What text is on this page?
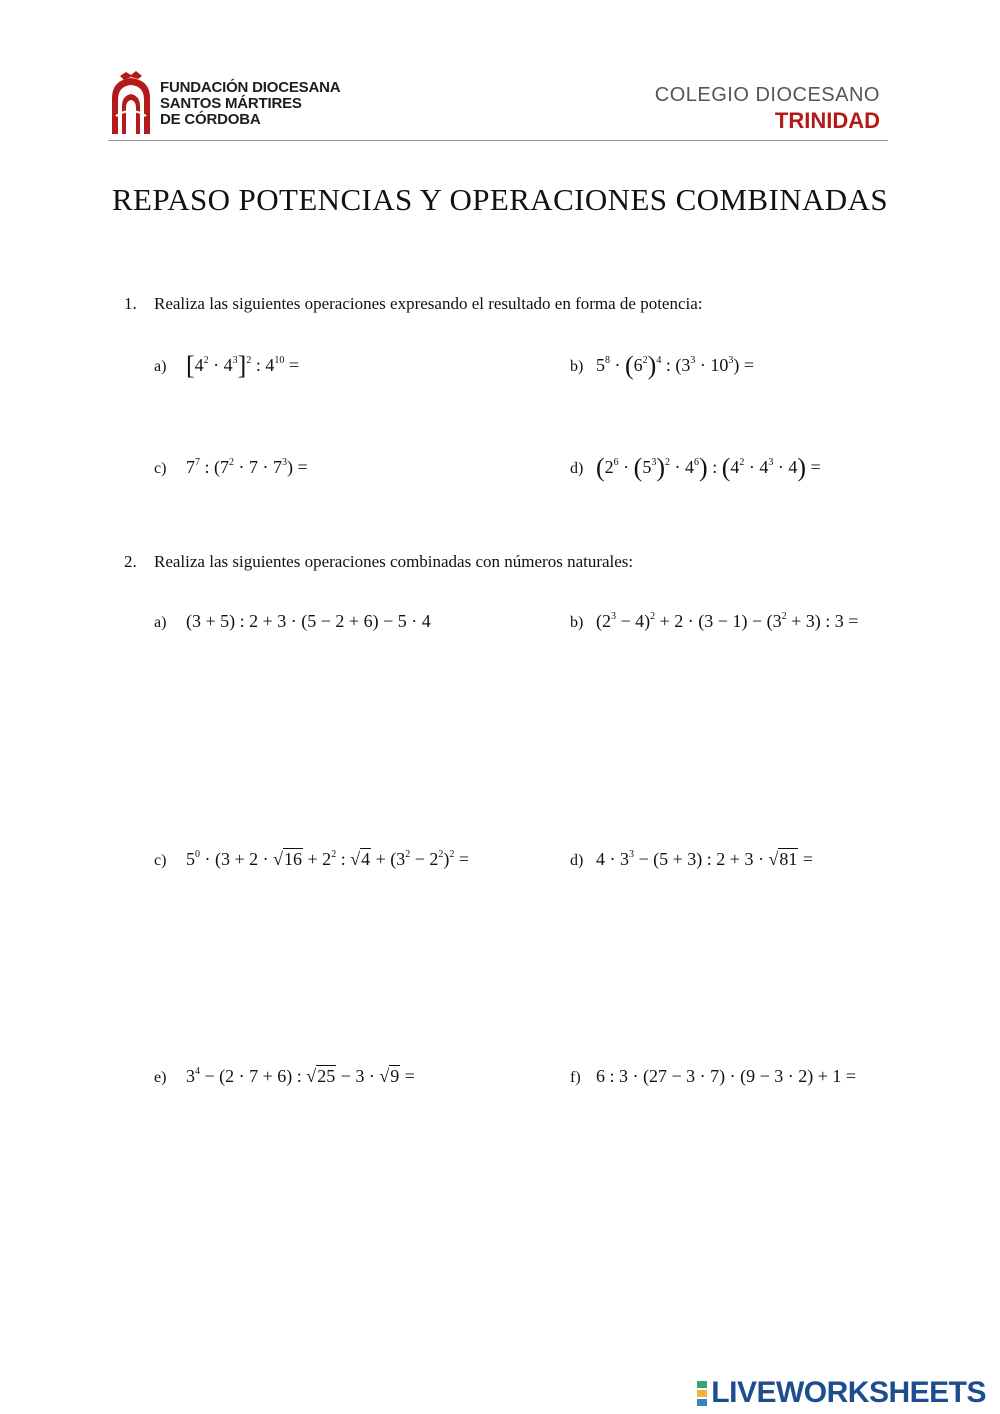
FUNDACIÓN DIOCESANA
SANTOS MÁRTIRES
DE CÓRDOBA
COLEGIO DIOCESANO
TRINIDAD
REPASO POTENCIAS Y OPERACIONES COMBINADAS
1. Realiza las siguientes operaciones expresando el resultado en forma de potencia:
a) $[4^2 \cdot 4^3]^2$ : $4^{10}$ =	b) $5^8 \cdot (6^2)^4$ : $(3^3 \cdot 10^3)$ =
c) $7^7$ : $(7^2 \cdot 7 \cdot 7^3)$ =	d) $(2^6 \cdot (5^3)^2 \cdot 4^6)$ : $(4^2 \cdot 4^3 \cdot 4)$ =
2. Realiza las siguientes operaciones combinadas con números naturales:
a) (3 + 5) : 2 + 3 · (5 − 2 + 6) − 5 · 4	b) $(2^3 - 4)^2 + 2 \cdot (3 - 1) - (3^2 + 3)$ : 3 =
c) $5^0 \cdot (3 + 2 \cdot √16 + 2^2$ : $√4 + (3^2 - 2^2)^2$ =	d) $4 \cdot 3^3 - (5 + 3)$ : 2 + 3 · √81 =
e) $3^4 - (2 \cdot 7 + 6)$ : √25 − 3 · √9 =	f) 6 : 3 · (27 − 3 · 7) · (9 − 3 · 2) + 1 =
LIVEWORKSHEETS
